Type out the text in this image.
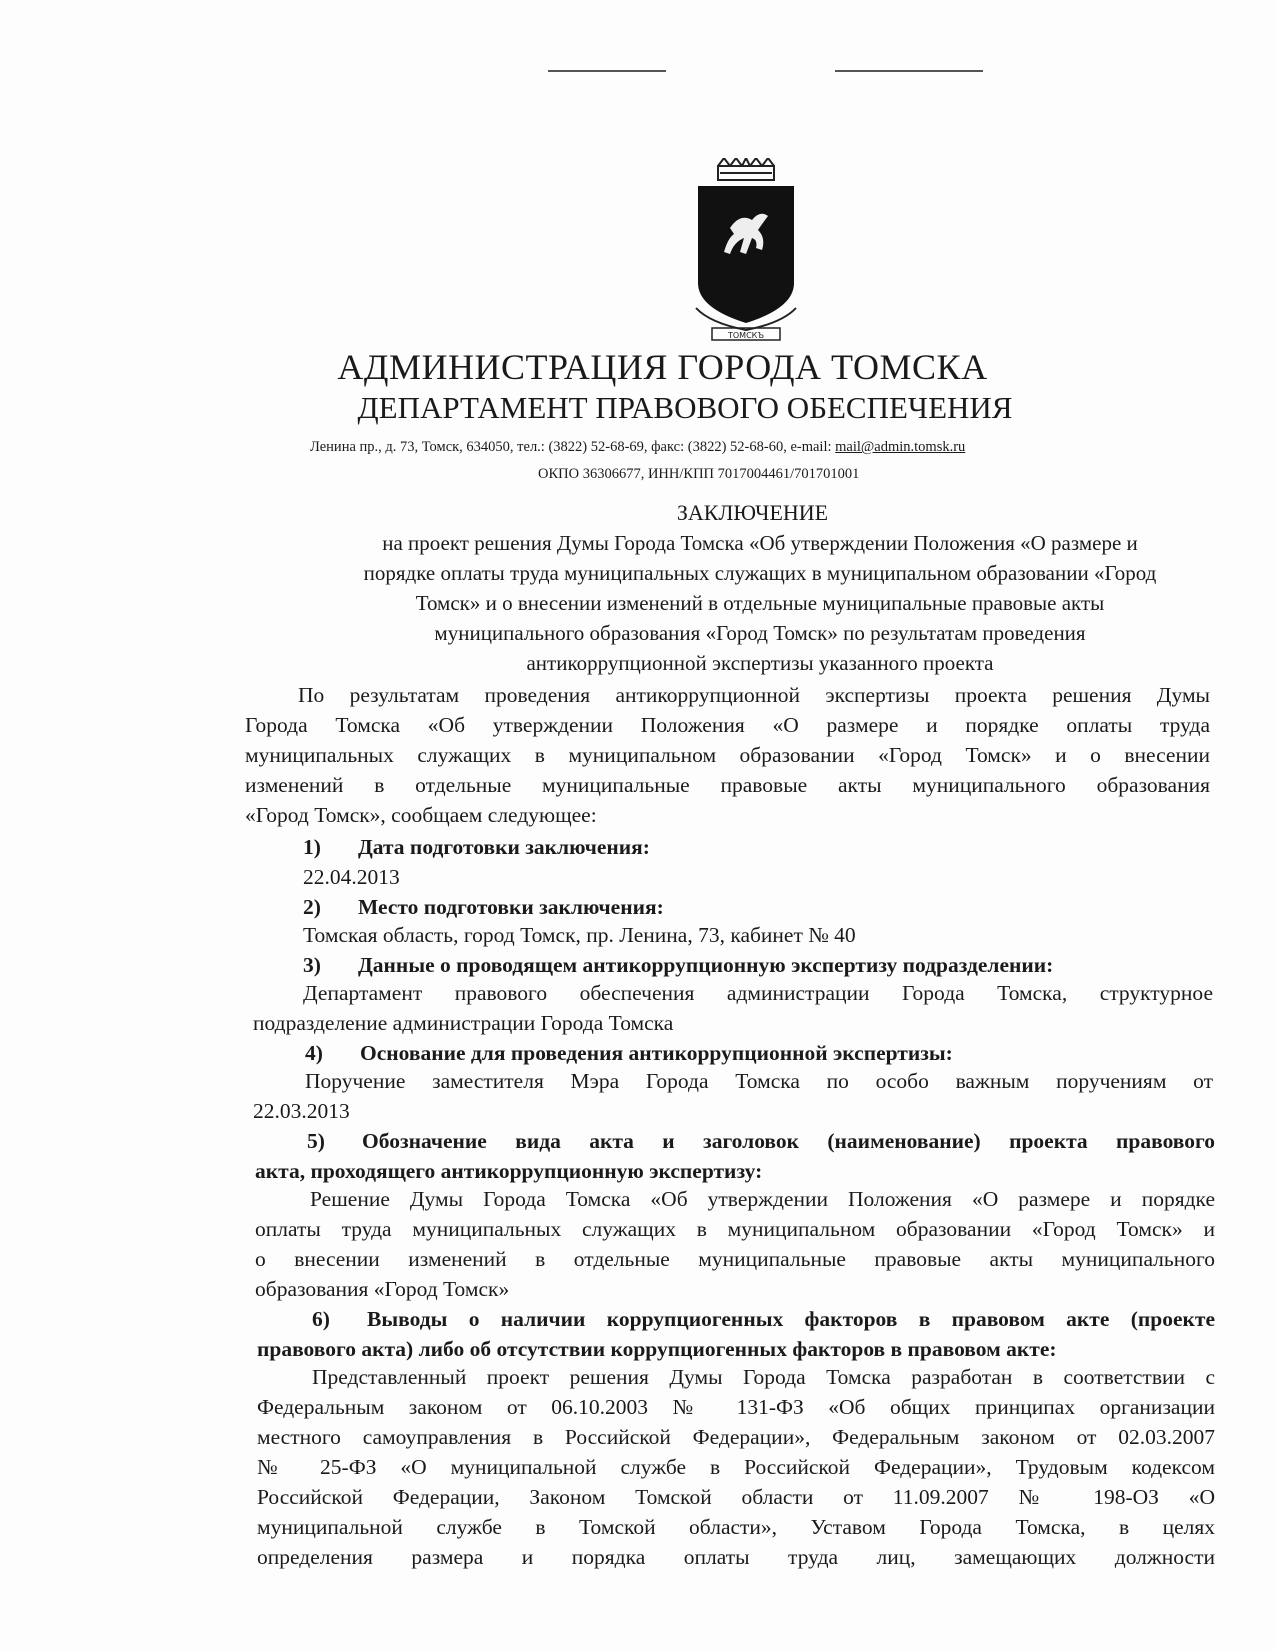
ТОМСКЪ
АДМИНИСТРАЦИЯ ГОРОДА ТОМСКА
ДЕПАРТАМЕНТ ПРАВОВОГО ОБЕСПЕЧЕНИЯ
Ленина пр., д. 73, Томск, 634050, тел.: (3822) 52-68-69, факс: (3822) 52-68-60, e-mail: mail@admin.tomsk.ru
ОКПО 36306677, ИНН/КПП 7017004461/701701001
ЗАКЛЮЧЕНИЕ
на проект решения Думы Города Томска «Об утверждении Положения «О размере и
порядке оплаты труда муниципальных служащих в муниципальном образовании «Город
Томск» и о внесении изменений в отдельные муниципальные правовые акты
муниципального образования «Город Томск» по результатам проведения
антикоррупционной экспертизы указанного проекта
По результатам проведения антикоррупционной экспертизы проекта решения Думы
Города Томска «Об утверждении Положения «О размере и порядке оплаты труда
муниципальных служащих в муниципальном образовании «Город Томск» и о внесении
изменений в отдельные муниципальные правовые акты муниципального образования
«Город Томск», сообщаем следующее:
1) Дата подготовки заключения:
22.04.2013
2) Место подготовки заключения:
Томская область, город Томск, пр. Ленина, 73, кабинет № 40
3) Данные о проводящем антикоррупционную экспертизу подразделении:
Департамент правового обеспечения администрации Города Томска, структурное
подразделение администрации Города Томска
4) Основание для проведения антикоррупционной экспертизы:
Поручение заместителя Мэра Города Томска по особо важным поручениям от
22.03.2013
5) Обозначение вида акта и заголовок (наименование) проекта правового
акта, проходящего антикоррупционную экспертизу:
Решение Думы Города Томска «Об утверждении Положения «О размере и порядке
оплаты труда муниципальных служащих в муниципальном образовании «Город Томск» и
о внесении изменений в отдельные муниципальные правовые акты муниципального
образования «Город Томск»
6) Выводы о наличии коррупциогенных факторов в правовом акте (проекте
правового акта) либо об отсутствии коррупциогенных факторов в правовом акте:
Представленный проект решения Думы Города Томска разработан в соответствии с
Федеральным законом от 06.10.2003 № 131-ФЗ «Об общих принципах организации
местного самоуправления в Российской Федерации», Федеральным законом от 02.03.2007
№ 25-ФЗ «О муниципальной службе в Российской Федерации», Трудовым кодексом
Российской Федерации, Законом Томской области от 11.09.2007 № 198-ОЗ «О
муниципальной службе в Томской области», Уставом Города Томска, в целях
определения размера и порядка оплаты труда лиц, замещающих должности
